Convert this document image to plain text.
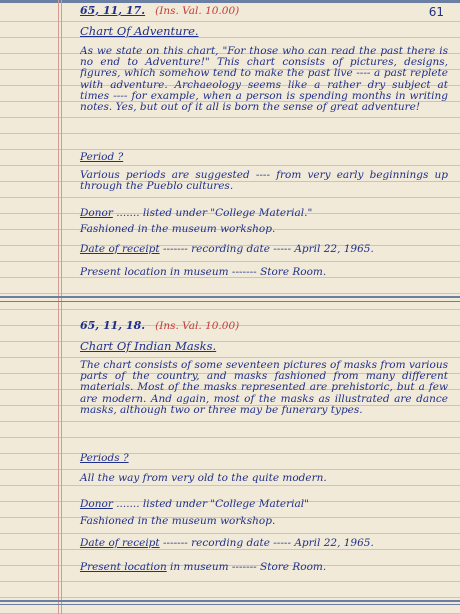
61
65, 11, 17. (Ins. Val. 10.00)
Chart Of Adventure.
As we state on this chart, "For those who can read the past there is no end to Adventure!" This chart consists of pictures, designs, figures, which somehow tend to make the past live ---- a past replete with adventure. Archaeology seems like a rather dry subject at times ---- for example, when a person is spending months in writing notes. Yes, but out of it all is born the sense of great adventure!
Period ?
Various periods are suggested ---- from very early beginnings up through the Pueblo cultures.
Donor ....... listed under "College Material."
Fashioned in the museum workshop.
Date of receipt ------- recording date ----- April 22, 1965.
Present location in museum ------- Store Room.
65, 11, 18. (Ins. Val. 10.00)
Chart Of Indian Masks.
The chart consists of some seventeen pictures of masks from various parts of the country, and masks fashioned from many different materials. Most of the masks represented are prehistoric, but a few are modern. And again, most of the masks as illustrated are dance masks, although two or three may be funerary types.
Periods ?
All the way from very old to the quite modern.
Donor ....... listed under "College Material"
Fashioned in the museum workshop.
Date of receipt ------- recording date ----- April 22, 1965.
Present location in museum ------- Store Room.
